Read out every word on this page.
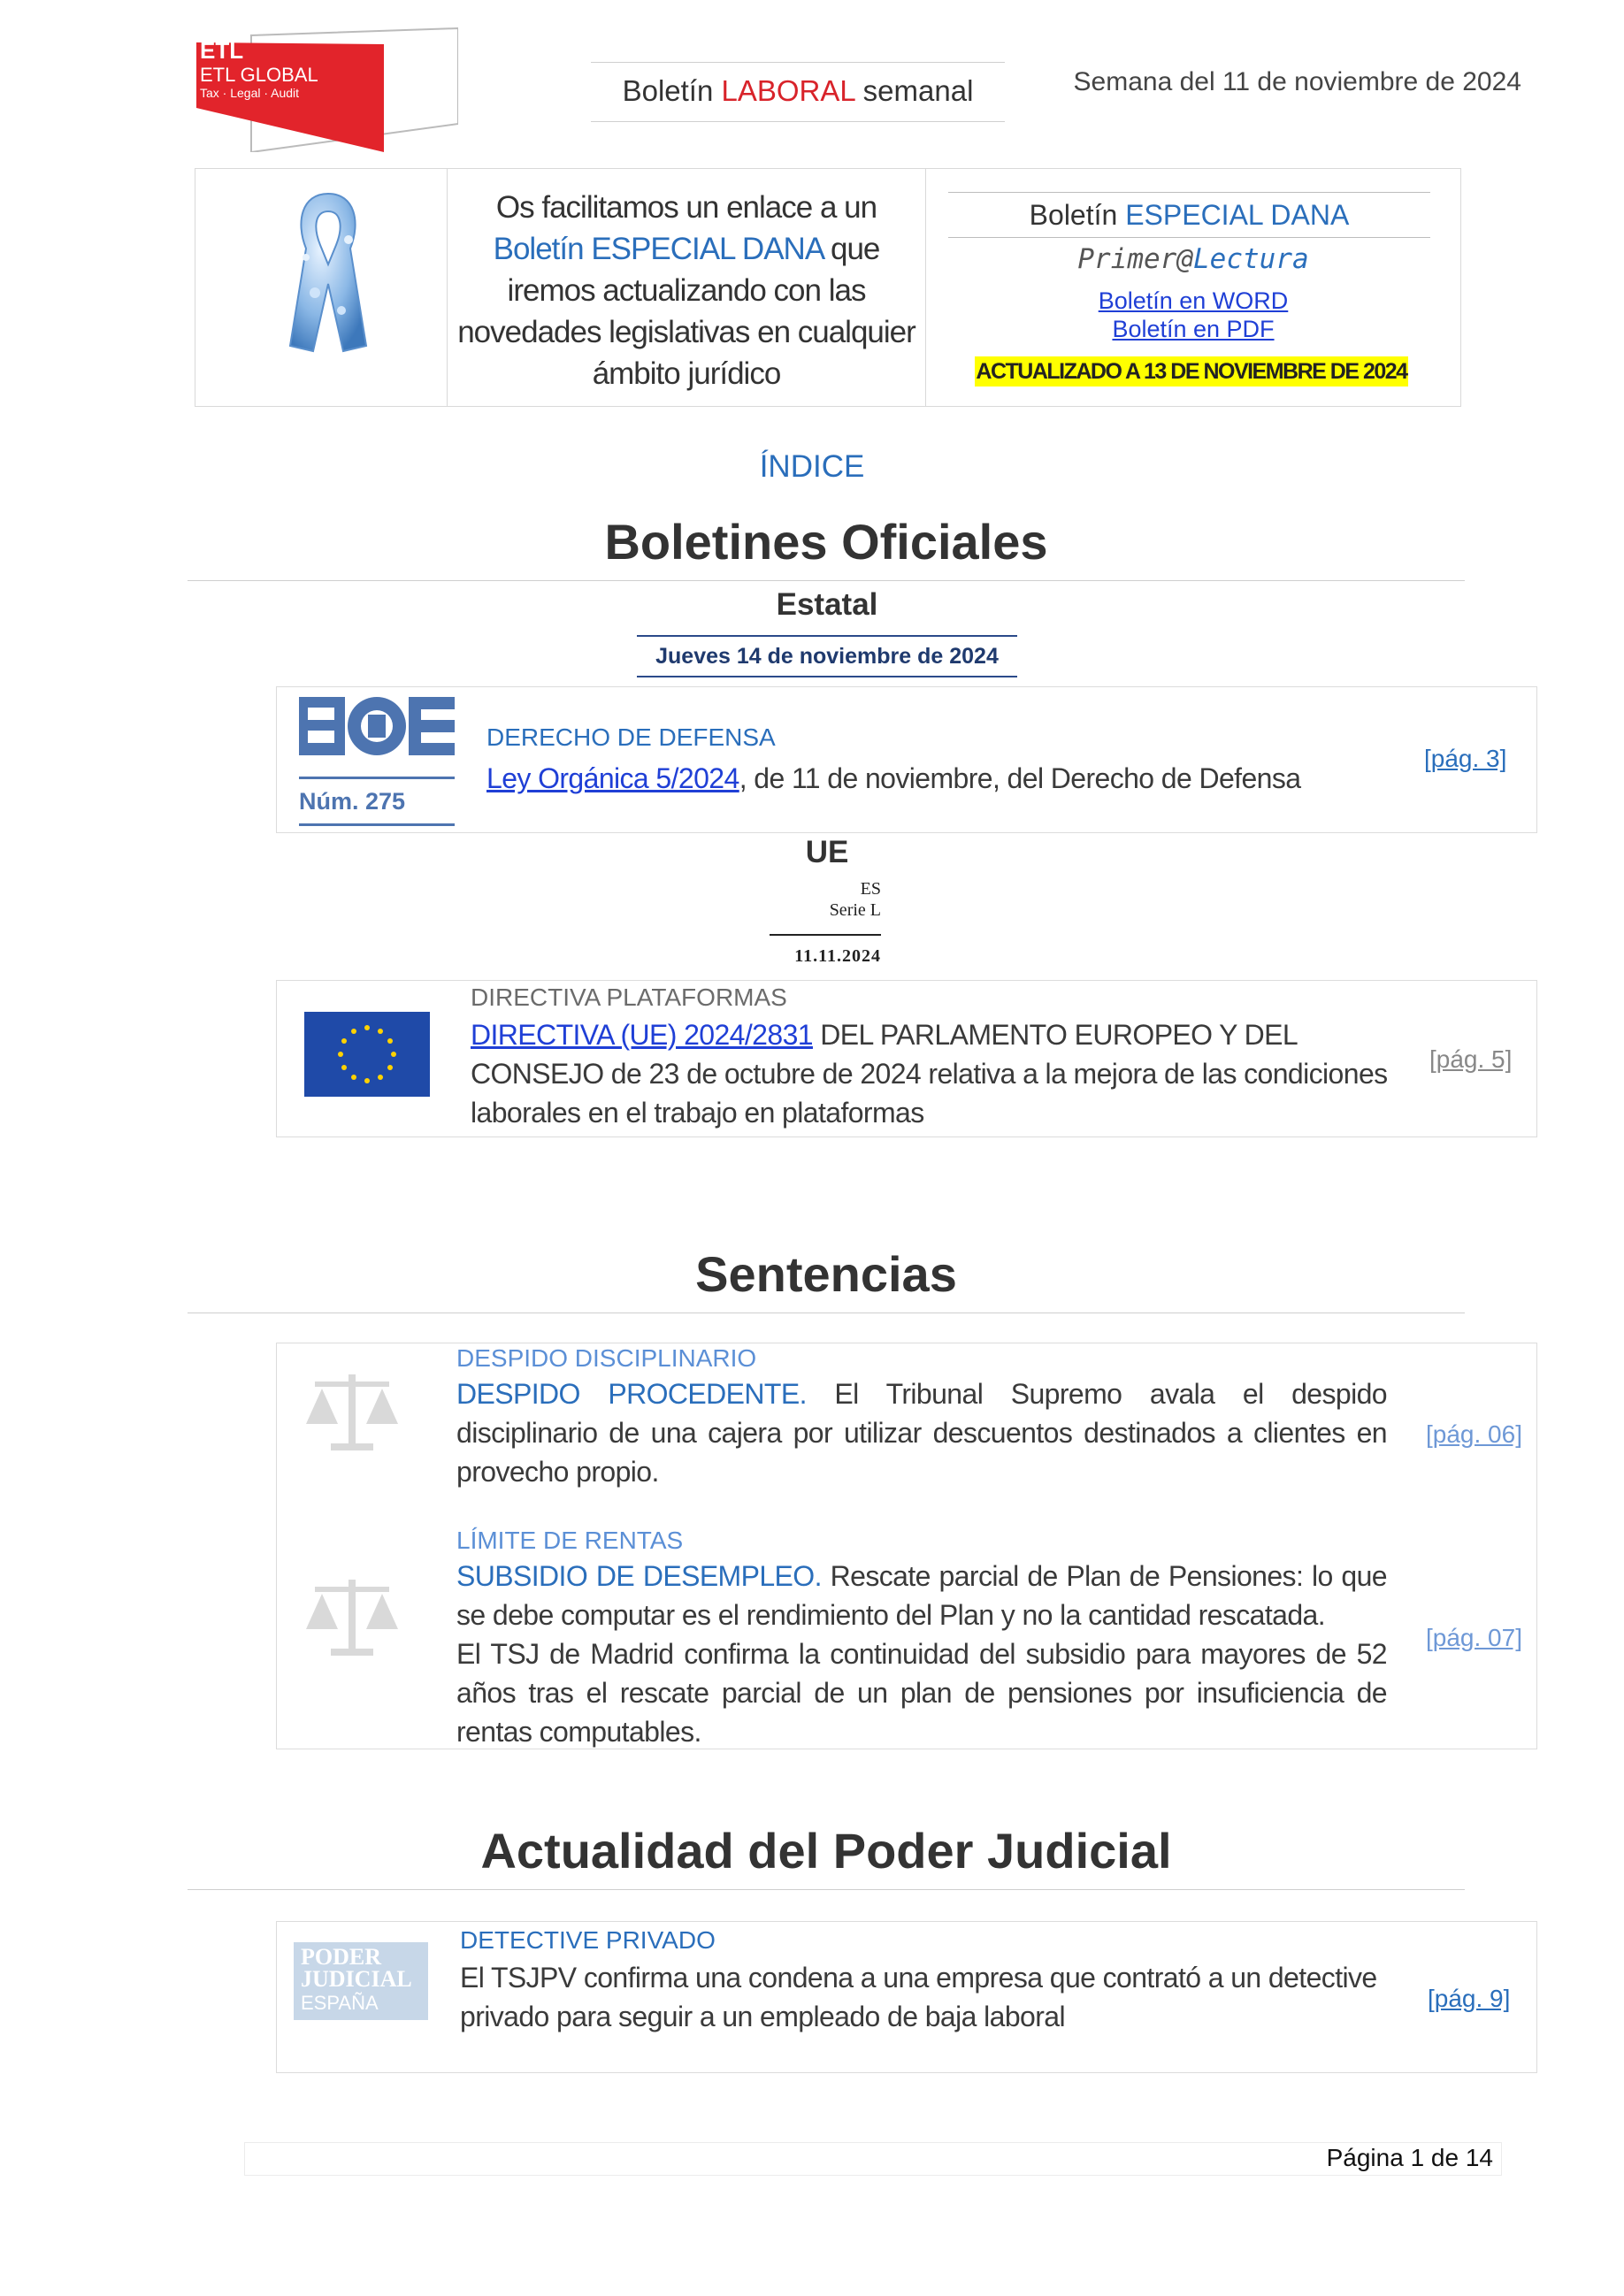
ETL
ETL GLOBAL
Tax · Legal · Audit	Boletín LABORAL semanal	Semana del 11 de noviembre de 2024
Os facilitamos un enlace a un Boletín ESPECIAL DANA que iremos actualizando con las novedades legislativas en cualquier ámbito jurídico
Boletín ESPECIAL DANA
Primer@Lectura
Boletín en WORD
Boletín en PDF
ACTUALIZADO A 13 DE NOVIEMBRE DE 2024
ÍNDICE
Boletines Oficiales
Estatal
Jueves 14 de noviembre de 2024
Núm. 275
DERECHO DE DEFENSA
Ley Orgánica 5/2024, de 11 de noviembre, del Derecho de Defensa
[pág. 3]
UE
ES
Serie L
11.11.2024
DIRECTIVA PLATAFORMAS
DIRECTIVA (UE) 2024/2831 DEL PARLAMENTO EUROPEO Y DEL CONSEJO de 23 de octubre de 2024 relativa a la mejora de las condiciones laborales en el trabajo en plataformas
[pág. 5]
Sentencias
DESPIDO DISCIPLINARIO
DESPIDO PROCEDENTE. El Tribunal Supremo avala el despido disciplinario de una cajera por utilizar descuentos destinados a clientes en provecho propio.
[pág. 06]
LÍMITE DE RENTAS
SUBSIDIO DE DESEMPLEO. Rescate parcial de Plan de Pensiones: lo que se debe computar es el rendimiento del Plan y no la cantidad rescatada.
El TSJ de Madrid confirma la continuidad del subsidio para mayores de 52 años tras el rescate parcial de un plan de pensiones por insuficiencia de rentas computables.
[pág. 07]
Actualidad del Poder Judicial
PODER
JUDICIAL
ESPAÑA
DETECTIVE PRIVADO
El TSJPV confirma una condena a una empresa que contrató a un detective privado para seguir a un empleado de baja laboral
[pág. 9]
Página 1 de 14
